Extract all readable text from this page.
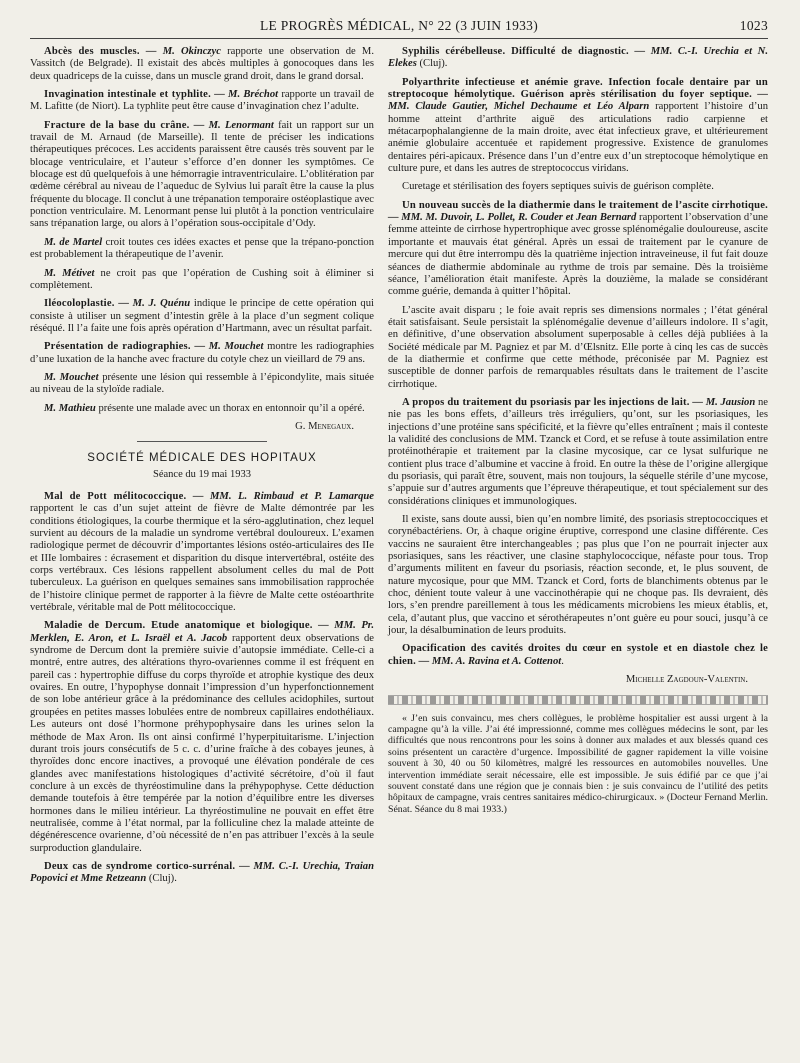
LE PROGRÈS MÉDICAL, N° 22 (3 JUIN 1933)	1023

Abcès des muscles. — M. Okinczyc rapporte une observation de M. Vassitch (de Belgrade). Il existait des abcès multiples à gonocoques dans les deux quadriceps de la cuisse, dans un muscle grand droit, dans le grand dorsal.

Invagination intestinale et typhlite. — M. Bréchot rapporte un travail de M. Lafitte (de Niort). La typhlite peut être cause d’invagination chez l’adulte.

Fracture de la base du crâne. — M. Lenormant fait un rapport sur un travail de M. Arnaud (de Marseille). Il tente de préciser les indications thérapeutiques précoces. Les accidents paraissent être causés très souvent par le blocage ventriculaire, et l’auteur s’efforce d’en donner les symptômes. Ce blocage est dû quelquefois à une hémorragie intraventriculaire. L’oblitération par œdème cérébral au niveau de l’aqueduc de Sylvius lui paraît être la cause la plus fréquente du blocage. Il conclut à une trépanation temporaire ostéoplastique avec ponction ventriculaire. M. Lenormant pense lui plutôt à la ponction ventriculaire sans trépanation large, ou alors à l’opération sous-occipitale d’Ody.

M. de Martel croit toutes ces idées exactes et pense que la trépano-ponction est probablement la thérapeutique de l’avenir.

M. Métivet ne croit pas que l’opération de Cushing soit à éliminer si complètement.

Iléocoloplastie. — M. J. Quénu indique le principe de cette opération qui consiste à utiliser un segment d’intestin grêle à la place d’un segment colique réséqué. Il l’a faite une fois après opération d’Hartmann, avec un résultat parfait.

Présentation de radiographies. — M. Mouchet montre les radiographies d’une luxation de la hanche avec fracture du cotyle chez un vieillard de 79 ans.

M. Mouchet présente une lésion qui ressemble à l’épicondylite, mais située au niveau de la styloïde radiale.

M. Mathieu présente une malade avec un thorax en entonnoir qu’il a opéré.

G. Menegaux.
SOCIÉTÉ MÉDICALE DES HOPITAUX
Séance du 19 mai 1933

Mal de Pott mélitococcique. — MM. L. Rimbaud et P. Lamarque rapportent le cas d’un sujet atteint de fièvre de Malte démontrée par les conditions étiologiques, la courbe thermique et la séro-agglutination, chez lequel survient au décours de la maladie un syndrome vertébral douloureux. L’examen radiologique permet de découvrir d’importantes lésions ostéo-articulaires des IIe et IIIe lombaires : écrasement et disparition du disque intervertébral, ostéite des corps vertébraux. Ces lésions rappellent absolument celles du mal de Pott tuberculeux. La guérison en quelques semaines sans immobilisation rapprochée de l’histoire clinique permet de rapporter à la fièvre de Malte cette ostéoarthrite vertébrale, véritable mal de Pott mélitococcique.

Maladie de Dercum. Etude anatomique et biologique. — MM. Pr. Merklen, E. Aron, et L. Israël et A. Jacob rapportent deux observations de syndrome de Dercum dont la première suivie d’autopsie immédiate. Celle-ci a montré, entre autres, des altérations thyro-ovariennes comme il est fréquent en pareil cas : hypertrophie diffuse du corps thyroïde et atrophie kystique des deux ovaires. En outre, l’hypophyse donnait l’impression d’un hyperfonctionnement de son lobe antérieur grâce à la prédominance des cellules acidophiles, surtout groupées en petites masses lobulées entre de nombreux capillaires endothéliaux. Les auteurs ont dosé l’hormone préhypophysaire dans les urines selon la méthode de Max Aron. Ils ont ainsi confirmé l’hyperpituitarisme. L’injection durant trois jours consécutifs de 5 c. c. d’urine fraîche à des cobayes jeunes, à thyroïdes donc encore inactives, a provoqué une élévation pondérale de ces glandes avec manifestations histologiques d’activité sécrétoire, d’où il faut conclure à un excès de thyréostimuline dans la préhypophyse. Cette déduction demande toutefois à être tempérée par la notion d’équilibre entre les diverses hormones dans le milieu intérieur. La thyréostimuline ne pouvait en effet être neutralisée, comme à l’état normal, par la folliculine chez la malade atteinte de dégénérescence ovarienne, d’où nécessité de n’en pas attribuer l’excès à la seule surproduction glandulaire.

Deux cas de syndrome cortico-surrénal. — MM. C.-I. Urechia, Traian Popovici et Mme Retzeann (Cluj).

Syphilis cérébelleuse. Difficulté de diagnostic. — MM. C.-I. Urechia et N. Elekes (Cluj).

Polyarthrite infectieuse et anémie grave. Infection focale dentaire par un streptocoque hémolytique. Guérison après stérilisation du foyer septique. — MM. Claude Gautier, Michel Dechaume et Léo Alparn rapportent l’histoire d’un homme atteint d’arthrite aiguë des articulations radio carpienne et métacarpophalangienne de la main droite, avec état infectieux grave, et ultérieurement anémie globulaire accentuée et rapidement progressive. Existence de granulomes dentaires péri-apicaux. Présence dans l’un d’entre eux d’un streptocoque hémolytique en culture pure, et dans les autres de streptococcus viridans.

Curetage et stérilisation des foyers septiques suivis de guérison complète.

Un nouveau succès de la diathermie dans le traitement de l’ascite cirrhotique. — MM. M. Duvoir, L. Pollet, R. Couder et Jean Bernard rapportent l’observation d’une femme atteinte de cirrhose hypertrophique avec grosse splénomégalie douloureuse, ascite importante et mauvais état général. Après un essai de traitement par le cyanure de mercure qui dut être interrompu dès la quatrième injection intraveineuse, il fut fait douze séances de diathermie abdominale au rythme de trois par semaine. Dès la troisième séance, l’amélioration était manifeste. Après la douzième, la malade se considérant comme guérie, demanda à quitter l’hôpital.

L’ascite avait disparu ; le foie avait repris ses dimensions normales ; l’état général était satisfaisant. Seule persistait la splénomégalie devenue d’ailleurs indolore. Il s’agit, en définitive, d’une observation absolument superposable à celles déjà publiées à la Société médicale par M. Pagniez et par M. d’Œlsnitz. Elle porte à cinq les cas de succès de la diathermie et confirme que cette méthode, préconisée par M. Pagniez est susceptible de donner parfois de remarquables résultats dans le traitement de l’ascite cirrhotique.

A propos du traitement du psoriasis par les injections de lait. — M. Jausion ne nie pas les bons effets, d’ailleurs très irréguliers, qu’ont, sur les psoriasiques, les injections d’une protéine sans spécificité, et la fièvre qu’elles entraînent ; mais il conteste la validité des conclusions de MM. Tzanck et Cord, et se refuse à toute assimilation entre protéinothérapie et traitement par la clasine mycosique, car ce lysat sulfurique ne contient plus trace d’albumine et vaccine à froid. En outre la thèse de l’origine allergique du psoriasis, qui paraît être, souvent, mais non toujours, la séquelle stérile d’une mycose, s’appuie sur d’autres arguments que l’épreuve thérapeutique, et tout spécialement sur des considérations cliniques et immunologiques.

Il existe, sans doute aussi, bien qu’en nombre limité, des psoriasis streptococciques et corynébactériens. Or, à chaque origine éruptive, correspond une clasine différente. Ces vaccins ne sauraient être interchangeables ; pas plus que l’on ne pourrait injecter aux psoriasiques, sans les réactiver, une clasine staphylococcique, néfaste pour tous. Trop d’arguments militent en faveur du psoriasis, réaction seconde, et, le plus souvent, de nature mycosique, pour que MM. Tzanck et Cord, forts de blanchiments obtenus par le choc, dénient toute valeur à une vaccinothérapie qui ne choque pas. Ils devraient, dès lors, s’en prendre pareillement à tous les médicaments microbiens les mieux établis, et, cela, d’autant plus, que vaccino et sérothérapeutes n’ont guère eu pour souci, jusqu’à ce jour, la désalbumination de leurs produits.

Opacification des cavités droites du cœur en systole et en diastole chez le chien. — MM. A. Ravina et A. Cottenot.

Michelle Zagdoun-Valentin.

« J’en suis convaincu, mes chers collègues, le problème hospitalier est aussi urgent à la campagne qu’à la ville. J’ai été impressionné, comme mes collègues médecins le sont, par les difficultés que nous rencontrons pour les soins à donner aux malades et aux blessés quand ces soins présentent un caractère d’urgence. Impossibilité de gagner rapidement la ville voisine souvent à 30, 40 ou 50 kilomètres, malgré les ressources en automobiles nouvelles. Une intervention immédiate serait nécessaire, elle est impossible. Je suis édifié par ce que j’ai souvent constaté dans une région que je connais bien : je suis convaincu de l’utilité des petits hôpitaux de campagne, vrais centres sanitaires médico-chirurgicaux. » (Docteur Fernand Merlin. Sénat. Séance du 8 mai 1933.)
